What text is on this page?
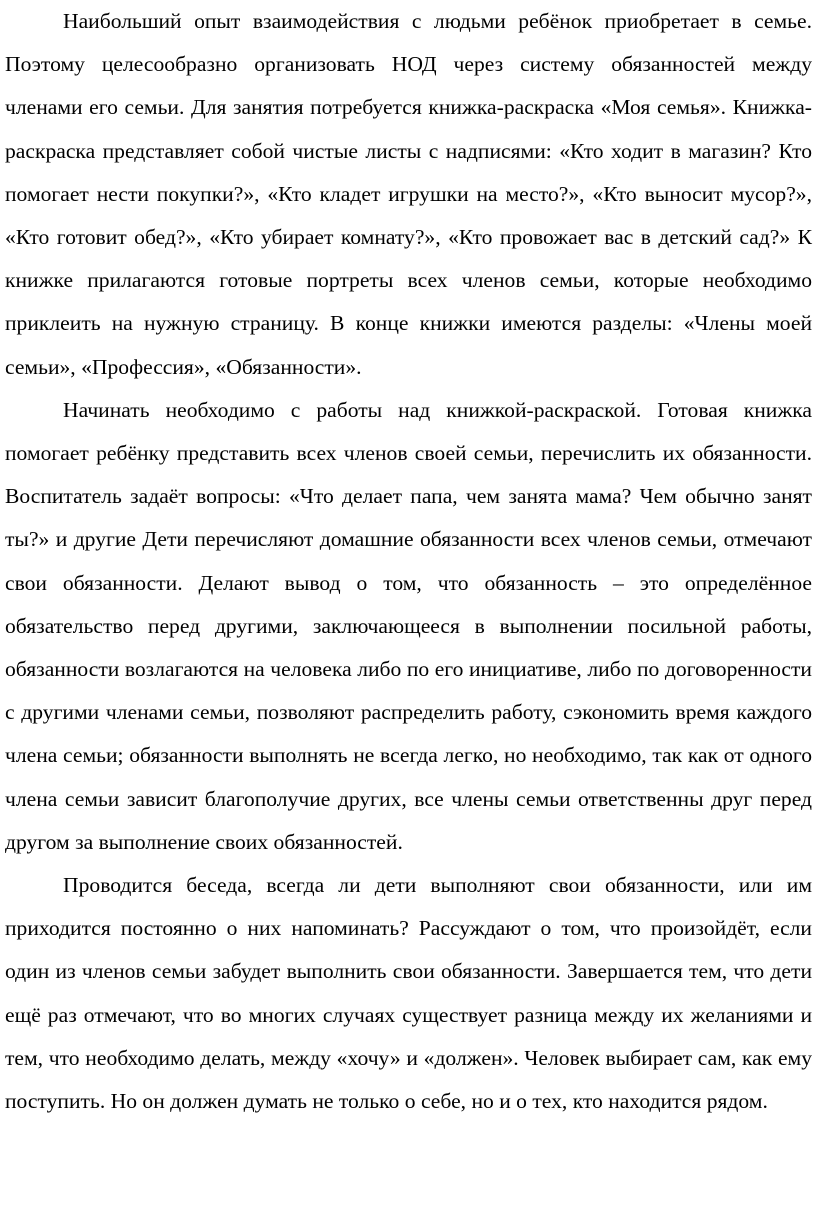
Наибольший опыт взаимодействия с людьми ребёнок приобретает в семье. Поэтому целесообразно организовать НОД через систему обязанностей между членами его семьи. Для занятия потребуется книжка-раскраска «Моя семья». Книжка-раскраска представляет собой чистые листы с надписями: «Кто ходит в магазин? Кто помогает нести покупки?», «Кто кладет игрушки на место?», «Кто выносит мусор?», «Кто готовит обед?», «Кто убирает комнату?», «Кто провожает вас в детский сад?» К книжке прилагаются готовые портреты всех членов семьи, которые необходимо приклеить на нужную страницу. В конце книжки имеются разделы: «Члены моей семьи», «Профессия», «Обязанности».

Начинать необходимо с работы над книжкой-раскраской. Готовая книжка помогает ребёнку представить всех членов своей семьи, перечислить их обязанности. Воспитатель задаёт вопросы: «Что делает папа, чем занята мама? Чем обычно занят ты?» и другие Дети перечисляют домашние обязанности всех членов семьи, отмечают свои обязанности. Делают вывод о том, что обязанность – это определённое обязательство перед другими, заключающееся в выполнении посильной работы, обязанности возлагаются на человека либо по его инициативе, либо по договоренности с другими членами семьи, позволяют распределить работу, сэкономить время каждого члена семьи; обязанности выполнять не всегда легко, но необходимо, так как от одного члена семьи зависит благополучие других, все члены семьи ответственны друг перед другом за выполнение своих обязанностей.

Проводится беседа, всегда ли дети выполняют свои обязанности, или им приходится постоянно о них напоминать? Рассуждают о том, что произойдёт, если один из членов семьи забудет выполнить свои обязанности. Завершается тем, что дети ещё раз отмечают, что во многих случаях существует разница между их желаниями и тем, что необходимо делать, между «хочу» и «должен». Человек выбирает сам, как ему поступить. Но он должен думать не только о себе, но и о тех, кто находится рядом.
